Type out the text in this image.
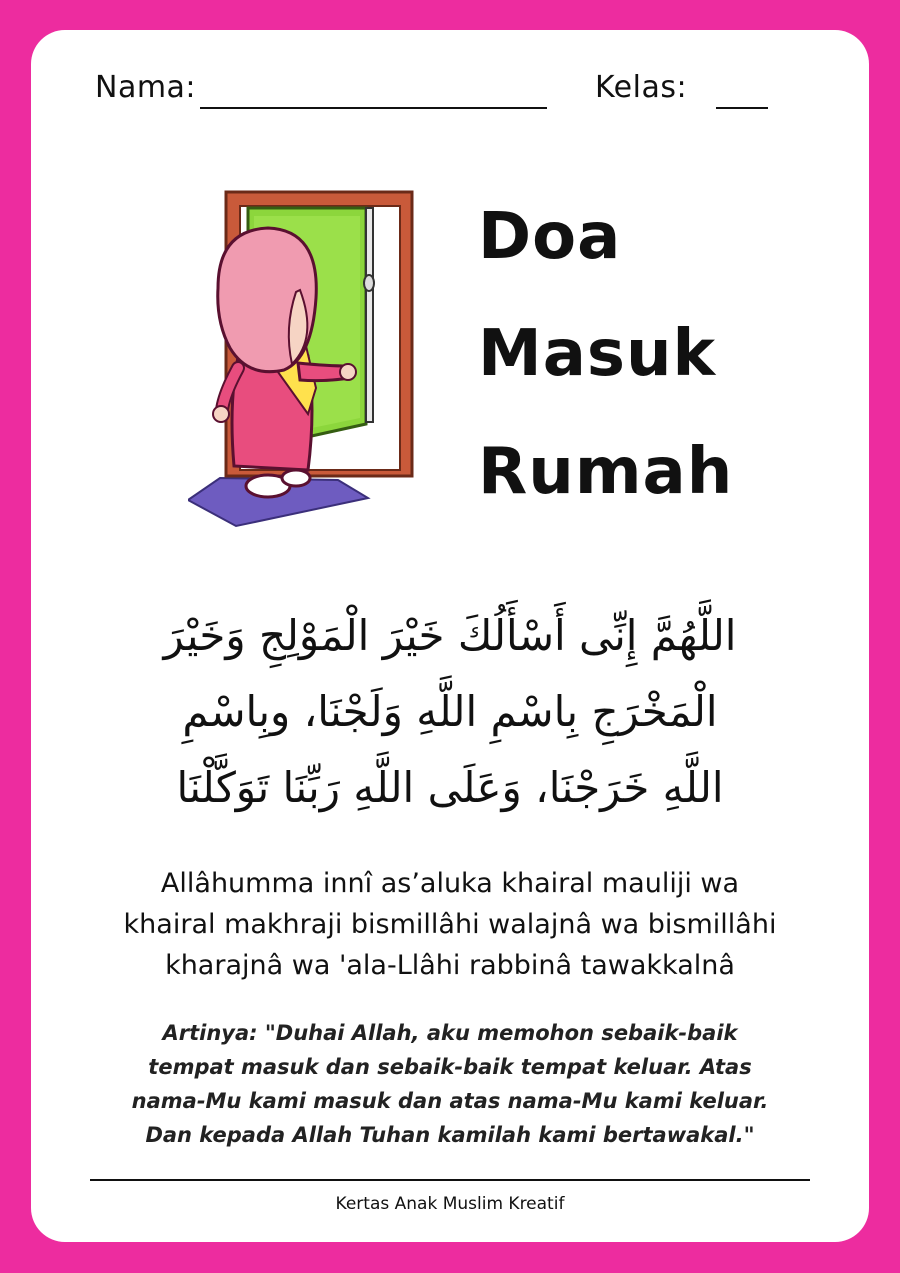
Nama:	Kelas:
Doa
Masuk
Rumah
اللَّهُمَّ إِنِّى أَسْأَلُكَ خَيْرَ الْمَوْلِجِ وَخَيْرَ
الْمَخْرَجِ بِاسْمِ اللَّهِ وَلَجْنَا، وبِاسْمِ
اللَّهِ خَرَجْنَا، وَعَلَى اللَّهِ رَبِّنَا تَوَكَّلْنَا
Allâhumma innî as’aluka khairal mauliji wa
khairal makhraji bismillâhi walajnâ wa bismillâhi
kharajnâ wa 'ala-Llâhi rabbinâ tawakkalnâ
Artinya: "Duhai Allah, aku memohon sebaik-baik
tempat masuk dan sebaik-baik tempat keluar. Atas
nama-Mu kami masuk dan atas nama-Mu kami keluar.
Dan kepada Allah Tuhan kamilah kami bertawakal."
Kertas Anak Muslim Kreatif
